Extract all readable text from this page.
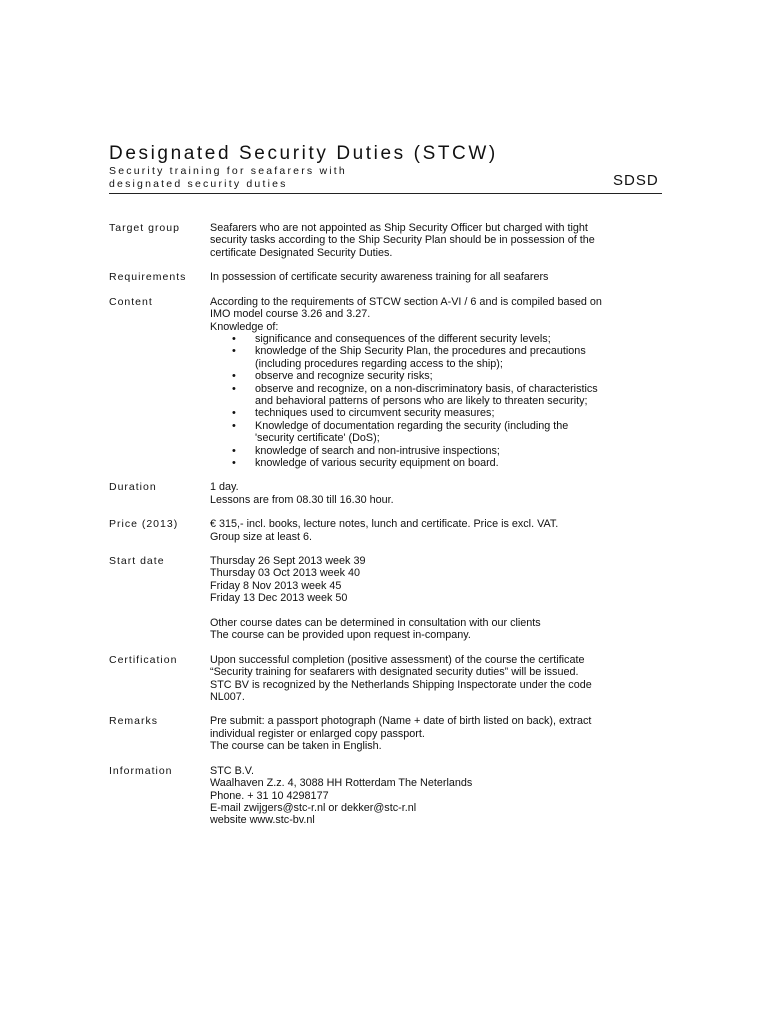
Designated Security Duties (STCW)
Security training for seafarers with
designated security duties	SDSD
Target group	Seafarers who are not appointed as Ship Security Officer but charged with tight

security tasks according to the Ship Security Plan should be in possession of the

certificate Designated Security Duties.

Requirements	In possession of certificate security awareness training for all seafarers

Content	According to the requirements of STCW section A-VI / 6 and is compiled based on

IMO model course 3.26 and 3.27.

Knowledge of:

• significance and consequences of the different security levels;
• knowledge of the Ship Security Plan, the procedures and precautions
(including procedures regarding access to the ship);
• observe and recognize security risks;
• observe and recognize, on a non-discriminatory basis, of characteristics
and behavioral patterns of persons who are likely to threaten security;
• techniques used to circumvent security measures;
• Knowledge of documentation regarding the security (including the
'security certificate' (DoS);
• knowledge of search and non-intrusive inspections;
• knowledge of various security equipment on board.
Duration	1 day.

Lessons are from 08.30 till 16.30 hour.

Price (2013)	€ 315,- incl. books, lecture notes, lunch and certificate. Price is excl. VAT.

Group size at least 6.

Start date	Thursday 26 Sept 2013 week 39

Thursday 03 Oct 2013 week 40

Friday 8 Nov 2013 week 45

Friday 13 Dec 2013 week 50

Other course dates can be determined in consultation with our clients

The course can be provided upon request in-company.

Certification	Upon successful completion (positive assessment) of the course the certificate

“Security training for seafarers with designated security duties” will be issued.

STC BV is recognized by the Netherlands Shipping Inspectorate under the code

NL007.

Remarks	Pre submit: a passport photograph (Name + date of birth listed on back), extract

individual register or enlarged copy passport.

The course can be taken in English.

Information	STC B.V.

Waalhaven Z.z. 4, 3088 HH Rotterdam The Neterlands

Phone. + 31 10 4298177

E-mail zwijgers@stc-r.nl or dekker@stc-r.nl

website www.stc-bv.nl
